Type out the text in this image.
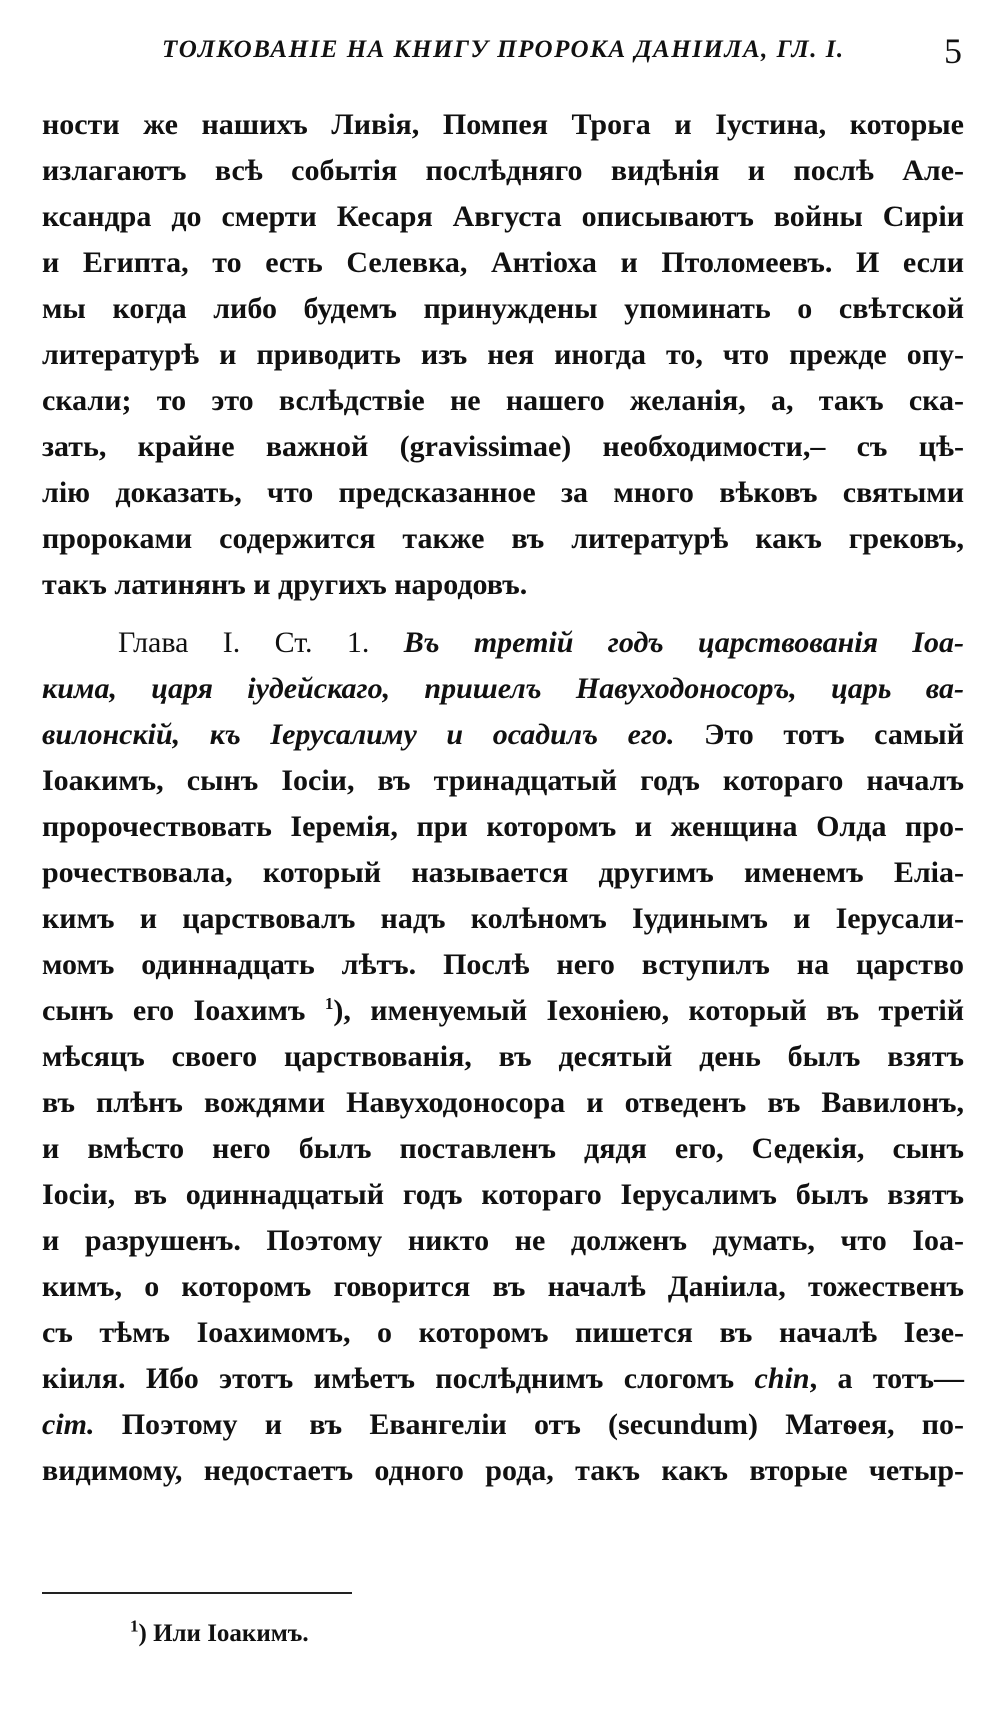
ТОЛКОВАНІЕ НА КНИГУ ПРОРОКА ДАНІИЛА, ГЛ. I.	5
ности же нашихъ Ливія, Помпея Трога и Іустина, которые
излагаютъ всѣ событія послѣдняго видѣнія и послѣ Але-
ксандра до смерти Кесаря Августа описываютъ войны Сиріи
и Египта, то есть Селевка, Антіоха и Птоломеевъ. И если
мы когда либо будемъ принуждены упоминать о свѣтской
литературѣ и приводить изъ нея иногда то, что прежде опу-
скали; то это вслѣдствіе не нашего желанія, а, такъ ска-
зать, крайне важной (gravissimae) необходимости,– съ цѣ-
лію доказать, что предсказанное за много вѣковъ святыми
пророками содержится также въ литературѣ какъ грековъ,
такъ латинянъ и другихъ народовъ.
Глава I. Ст. 1. Въ третій годъ царствованія Іоа-
кима, царя іудейскаго, пришелъ Навуходоносоръ, царь ва-
вилонскій, къ Іерусалиму и осадилъ его. Это тотъ самый
Іоакимъ, сынъ Іосіи, въ тринадцатый годъ котораго началъ
пророчествовать Іеремія, при которомъ и женщина Олда про-
рочествовала, который называется другимъ именемъ Еліа-
кимъ и царствовалъ надъ колѣномъ Іудинымъ и Іерусали-
момъ одиннадцать лѣтъ. Послѣ него вступилъ на царство
сынъ его Іоахимъ $^1$), именуемый Іехоніею, который въ третій
мѣсяцъ своего царствованія, въ десятый день былъ взятъ
въ плѣнъ вождями Навуходоносора и отведенъ въ Вавилонъ,
и вмѣсто него былъ поставленъ дядя его, Седекія, сынъ
Іосіи, въ одиннадцатый годъ котораго Іерусалимъ былъ взятъ
и разрушенъ. Поэтому никто не долженъ думать, что Іоа-
кимъ, о которомъ говорится въ началѣ Даніила, тожественъ
съ тѣмъ Іоахимомъ, о которомъ пишется въ началѣ Іезе-
кіиля. Ибо этотъ имѣетъ послѣднимъ слогомъ chin, а тотъ—
cim. Поэтому и въ Евангеліи отъ (secundum) Матѳея, по-
видимому, недостаетъ одного рода, такъ какъ вторые четыр-
$^1$) Или Іоакимъ.
